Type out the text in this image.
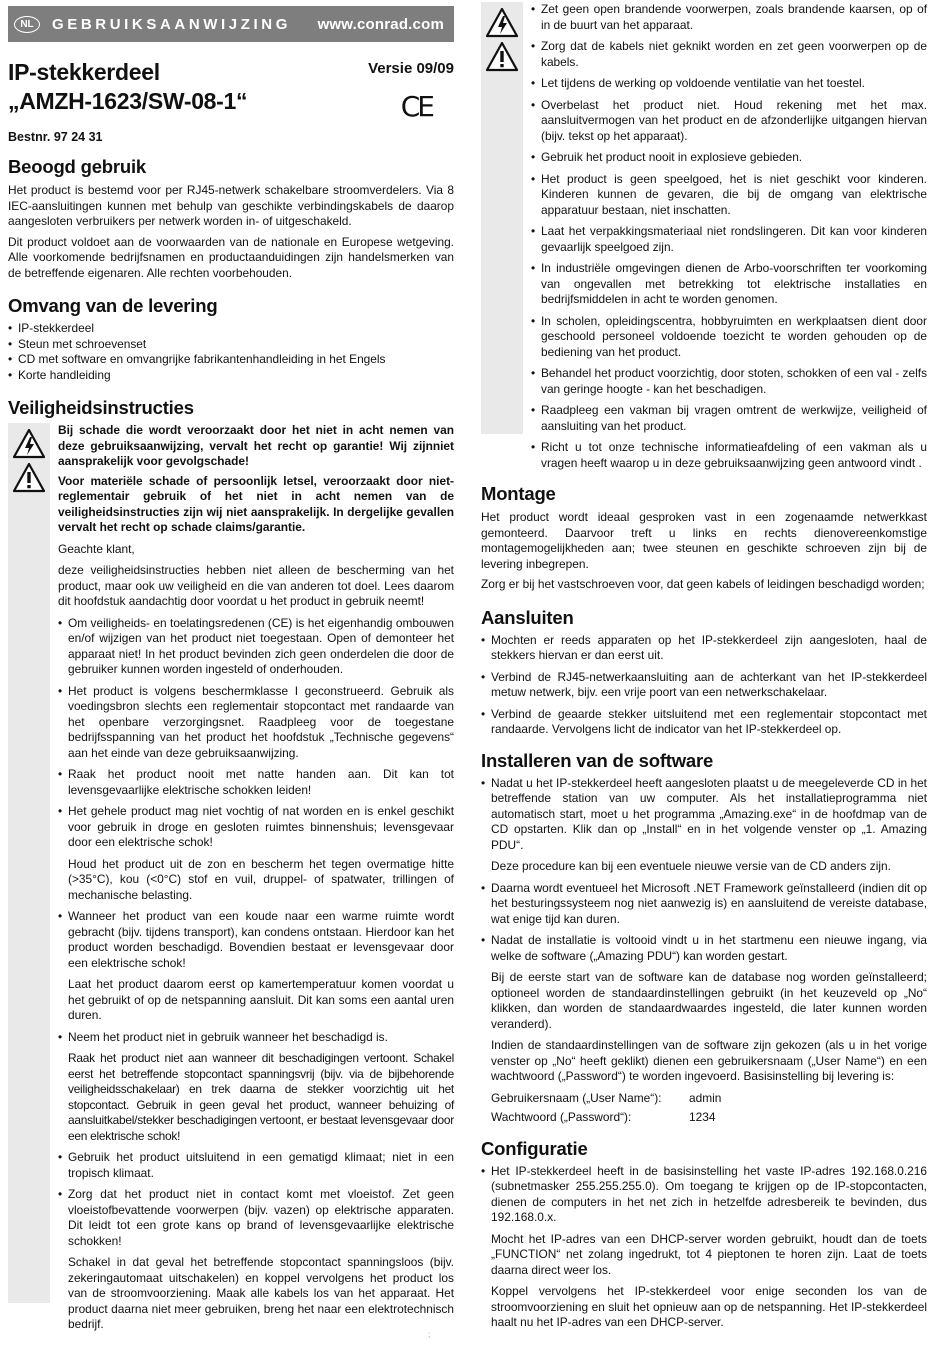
NL	GEBRUIKSAANWIJZING	www.conrad.com
IP-stekkerdeel
„AMZH-1623/SW-08-1“
Versie 09/09
CE
Bestnr. 97 24 31
Beoogd gebruik

Het product is bestemd voor per RJ45-netwerk schakelbare stroomverdelers. Via 8 IEC-aansluitingen kunnen met behulp van geschikte verbindingskabels de daarop aangesloten verbruikers per netwerk worden in- of uitgeschakeld.

Dit product voldoet aan de voorwaarden van de nationale en Europese wetgeving. Alle voorkomende bedrijfsnamen en productaanduidingen zijn handelsmerken van de betreffende eigenaren. Alle rechten voorbehouden.

Omvang van de levering
• IP-stekkerdeel
• Steun met schroevenset
• CD met software en omvangrijke fabrikantenhandleiding in het Engels
• Korte handleiding
Veiligheidsinstructies

Bij schade die wordt veroorzaakt door het niet in acht nemen van deze gebruiksaanwijzing, vervalt het recht op garantie! Wij zijnniet aansprakelijk voor gevolgschade!

Voor materiële schade of persoonlijk letsel, veroorzaakt door niet-reglementair gebruik of het niet in acht nemen van de veiligheidsinstructies zijn wij niet aansprakelijk. In dergelijke gevallen vervalt het recht op schade claims/garantie.

Geachte klant,

deze veiligheidsinstructies hebben niet alleen de bescherming van het product, maar ook uw veiligheid en die van anderen tot doel. Lees daarom dit hoofdstuk aandachtig door voordat u het product in gebruik neemt!

• Om veiligheids- en toelatingsredenen (CE) is het eigenhandig ombouwen en/of wijzigen van het product niet toegestaan. Open of demonteer het apparaat niet! In het product bevinden zich geen onderdelen die door de gebruiker kunnen worden ingesteld of onderhouden.
• Het product is volgens beschermklasse I geconstrueerd. Gebruik als voedingsbron slechts een reglementair stopcontact met randaarde van het openbare verzorgingsnet. Raadpleeg voor de toegestane bedrijfsspanning van het product het hoofdstuk „Technische gegevens“ aan het einde van deze gebruiksaanwijzing.
• Raak het product nooit met natte handen aan. Dit kan tot levensgevaarlijke elektrische schokken leiden!
• Het gehele product mag niet vochtig of nat worden en is enkel geschikt voor gebruik in droge en gesloten ruimtes binnenshuis; levensgevaar door een elektrische schok!
Houd het product uit de zon en bescherm het tegen overmatige hitte (>35°C), kou (<0°C) stof en vuil, druppel- of spatwater, trillingen of mechanische belasting.
• Wanneer het product van een koude naar een warme ruimte wordt gebracht (bijv. tijdens transport), kan condens ontstaan. Hierdoor kan het product worden beschadigd. Bovendien bestaat er levensgevaar door een elektrische schok!
Laat het product daarom eerst op kamertemperatuur komen voordat u het gebruikt of op de netspanning aansluit. Dit kan soms een aantal uren duren.
• Neem het product niet in gebruik wanneer het beschadigd is.
Raak het product niet aan wanneer dit beschadigingen vertoont. Schakel eerst het betreffende stopcontact spanningsvrij (bijv. via de bijbehorende veiligheidsschakelaar) en trek daarna de stekker voorzichtig uit het stopcontact. Gebruik in geen geval het product, wanneer behuizing of aansluitkabel/stekker beschadigingen vertoont, er bestaat levensgevaar door een elektrische schok!
• Gebruik het product uitsluitend in een gematigd klimaat; niet in een tropisch klimaat.
• Zorg dat het product niet in contact komt met vloeistof. Zet geen vloeistofbevattende voorwerpen (bijv. vazen) op elektrische apparaten. Dit leidt tot een grote kans op brand of levensgevaarlijke elektrische schokken!
Schakel in dat geval het betreffende stopcontact spanningsloos (bijv. zekeringautomaat uitschakelen) en koppel vervolgens het product los van de stroomvoorziening. Maak alle kabels los van het apparaat. Het product daarna niet meer gebruiken, breng het naar een elektrotechnisch bedrijf.
• Zet geen open brandende voorwerpen, zoals brandende kaarsen, op of in de buurt van het apparaat.
• Zorg dat de kabels niet geknikt worden en zet geen voorwerpen op de kabels.
• Let tijdens de werking op voldoende ventilatie van het toestel.
• Overbelast het product niet. Houd rekening met het max. aansluitvermogen van het product en de afzonderlijke uitgangen hiervan (bijv. tekst op het apparaat).
• Gebruik het product nooit in explosieve gebieden.
• Het product is geen speelgoed, het is niet geschikt voor kinderen. Kinderen kunnen de gevaren, die bij de omgang van elektrische apparatuur bestaan, niet inschatten.
• Laat het verpakkingsmateriaal niet rondslingeren. Dit kan voor kinderen gevaarlijk speelgoed zijn.
• In industriële omgevingen dienen de Arbo-voorschriften ter voorkoming van ongevallen met betrekking tot elektrische installaties en bedrijfsmiddelen in acht te worden genomen.
• In scholen, opleidingscentra, hobbyruimten en werkplaatsen dient door geschoold personeel voldoende toezicht te worden gehouden op de bediening van het product.
• Behandel het product voorzichtig, door stoten, schokken of een val - zelfs van geringe hoogte - kan het beschadigen.
• Raadpleeg een vakman bij vragen omtrent de werkwijze, veiligheid of aansluiting van het product.
• Richt u tot onze technische informatieafdeling of een vakman als u vragen heeft waarop u in deze gebruiksaanwijzing geen antwoord vindt .
Montage

Het product wordt ideaal gesproken vast in een zogenaamde netwerkkast gemonteerd. Daarvoor treft u links en rechts dienovereenkomstige montagemogelijkheden aan; twee steunen en geschikte schroeven zijn bij de levering inbegrepen.

Zorg er bij het vastschroeven voor, dat geen kabels of leidingen beschadigd worden;

Aansluiten
• Mochten er reeds apparaten op het IP-stekkerdeel zijn aangesloten, haal de stekkers hiervan er dan eerst uit.
• Verbind de RJ45-netwerkaansluiting aan de achterkant van het IP-stekkerdeel metuw netwerk, bijv. een vrije poort van een netwerkschakelaar.
• Verbind de geaarde stekker uitsluitend met een reglementair stopcontact met randaarde. Vervolgens licht de indicator van het IP-stekkerdeel op.
Installeren van de software
• Nadat u het IP-stekkerdeel heeft aangesloten plaatst u de meegeleverde CD in het betreffende station van uw computer. Als het installatieprogramma niet automatisch start, moet u het programma „Amazing.exe“ in de hoofdmap van de CD opstarten. Klik dan op „Install“ en in het volgende venster op „1. Amazing PDU“.
Deze procedure kan bij een eventuele nieuwe versie van de CD anders zijn.
• Daarna wordt eventueel het Microsoft .NET Framework geïnstalleerd (indien dit op het besturingssysteem nog niet aanwezig is) en aansluitend de vereiste database, wat enige tijd kan duren.
• Nadat de installatie is voltooid vindt u in het startmenu een nieuwe ingang, via welke de software („Amazing PDU“) kan worden gestart.
Bij de eerste start van de software kan de database nog worden geïnstalleerd; optioneel worden de standaardinstellingen gebruikt (in het keuzeveld op „No“ klikken, dan worden de standaardwaardes ingesteld, die later kunnen worden veranderd).
Indien de standaardinstellingen van de software zijn gekozen (als u in het vorige venster op „No“ heeft geklikt) dienen een gebruikersnaam („User Name“) en een wachtwoord („Password“) te worden ingevoerd. Basisinstelling bij levering is:
Gebruikersnaam („User Name“):	admin
Wachtwoord („Password“):	1234
Configuratie
• Het IP-stekkerdeel heeft in de basisinstelling het vaste IP-adres 192.168.0.216 (subnetmasker 255.255.255.0). Om toegang te krijgen op de IP-stopcontacten, dienen de computers in het net zich in hetzelfde adresbereik te bevinden, dus 192.168.0.x.
Mocht het IP-adres van een DHCP-server worden gebruikt, houdt dan de toets „FUNCTION“ net zolang ingedrukt, tot 4 pieptonen te horen zijn. Laat de toets daarna direct weer los.
Koppel vervolgens het IP-stekkerdeel voor enige seconden los van de stroomvoorziening en sluit het opnieuw aan op de netspanning. Het IP-stekkerdeel haalt nu het IP-adres van een DHCP-server.
;
